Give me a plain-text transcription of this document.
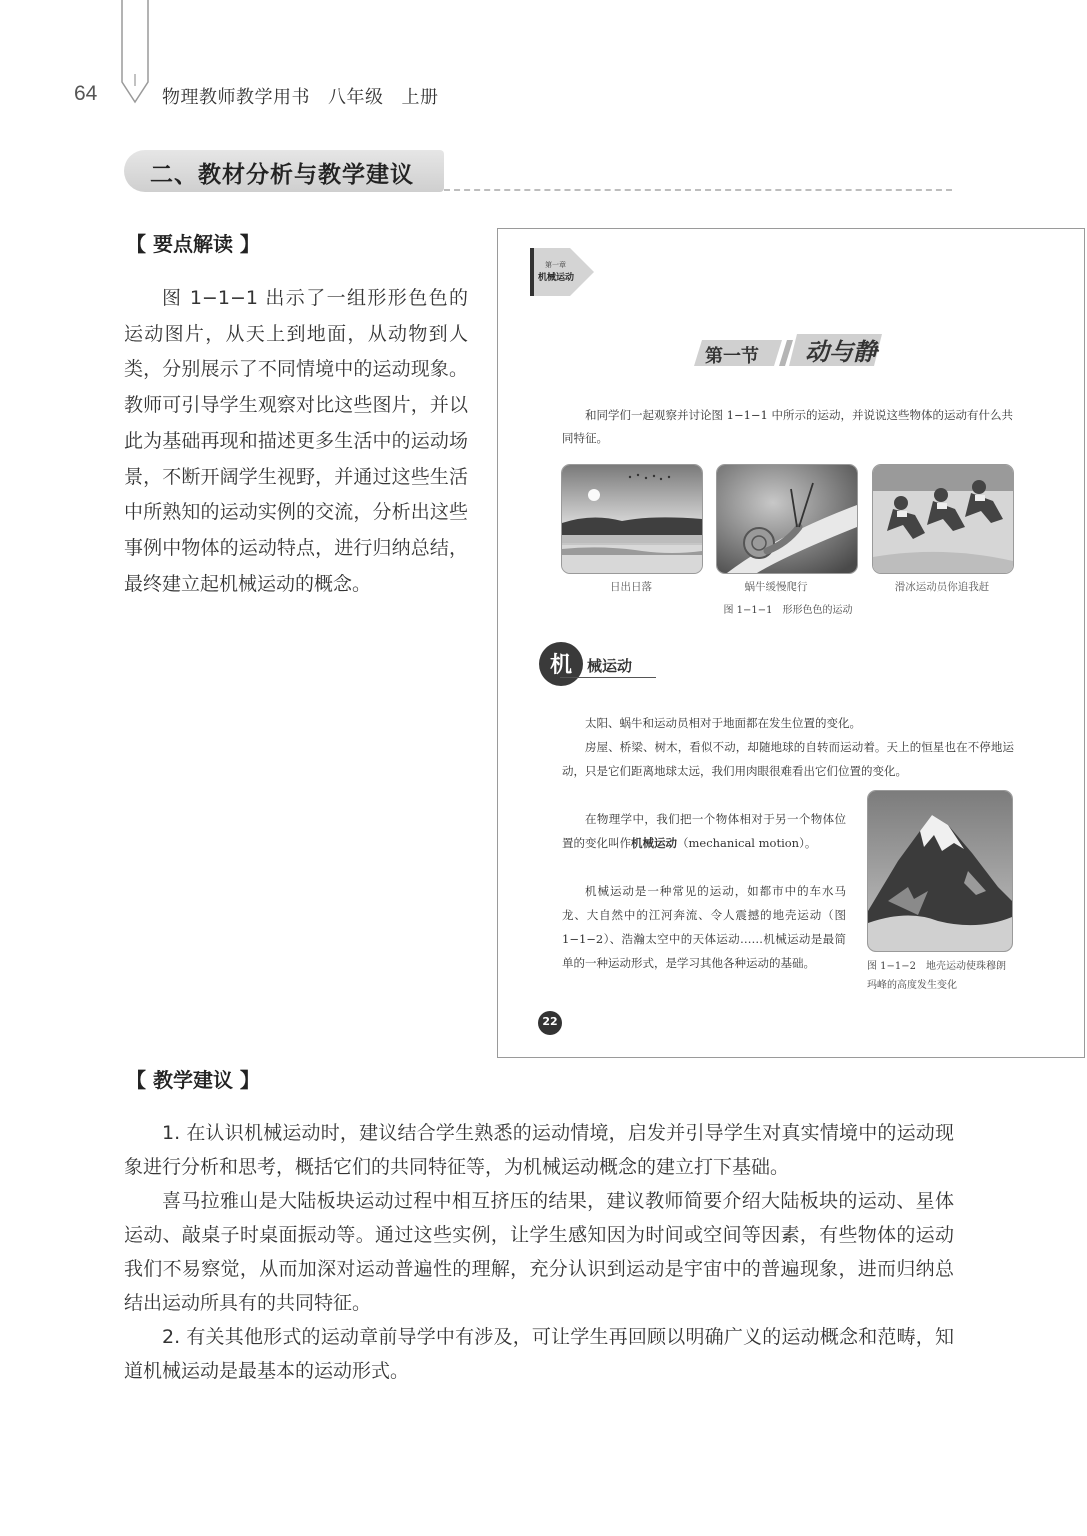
64	物理教师教学用书 八年级 上册
二、教材分析与教学建议
【 要点解读 】
图 1−1−1 出示了一组形形色色的运动图片，从天上到地面，从动物到人类，分别展示了不同情境中的运动现象。教师可引导学生观察对比这些图片，并以此为基础再现和描述更多生活中的运动场景，不断开阔学生视野，并通过这些生活中所熟知的运动实例的交流，分析出这些事例中物体的运动特点，进行归纳总结，最终建立起机械运动的概念。
第一章
机械运动
第一节 动与静
和同学们一起观察并讨论图 1−1−1 中所示的运动，并说说这些物体的运动有什么共同特征。
日出日落	蜗牛缓慢爬行	滑冰运动员你追我赶
图 1−1−1　形形色色的运动
机	械运动
太阳、蜗牛和运动员相对于地面都在发生位置的变化。
房屋、桥梁、树木，看似不动，却随地球的自转而运动着。天上的恒星也在不停地运动，只是它们距离地球太远，我们用肉眼很难看出它们位置的变化。
在物理学中，我们把一个物体相对于另一个物体位置的变化叫作机械运动（mechanical motion）。
机械运动是一种常见的运动，如都市中的车水马龙、大自然中的江河奔流、令人震撼的地壳运动（图 1−1−2）、浩瀚太空中的天体运动……机械运动是最简单的一种运动形式，是学习其他各种运动的基础。	图 1−1−2　地壳运动使珠穆朗玛峰的高度发生变化
22
【 教学建议 】

1. 在认识机械运动时，建议结合学生熟悉的运动情境，启发并引导学生对真实情境中的运动现象进行分析和思考，概括它们的共同特征等，为机械运动概念的建立打下基础。

喜马拉雅山是大陆板块运动过程中相互挤压的结果，建议教师简要介绍大陆板块的运动、星体运动、敲桌子时桌面振动等。通过这些实例，让学生感知因为时间或空间等因素，有些物体的运动我们不易察觉，从而加深对运动普遍性的理解，充分认识到运动是宇宙中的普遍现象，进而归纳总结出运动所具有的共同特征。

2. 有关其他形式的运动章前导学中有涉及，可让学生再回顾以明确广义的运动概念和范畴，知道机械运动是最基本的运动形式。
